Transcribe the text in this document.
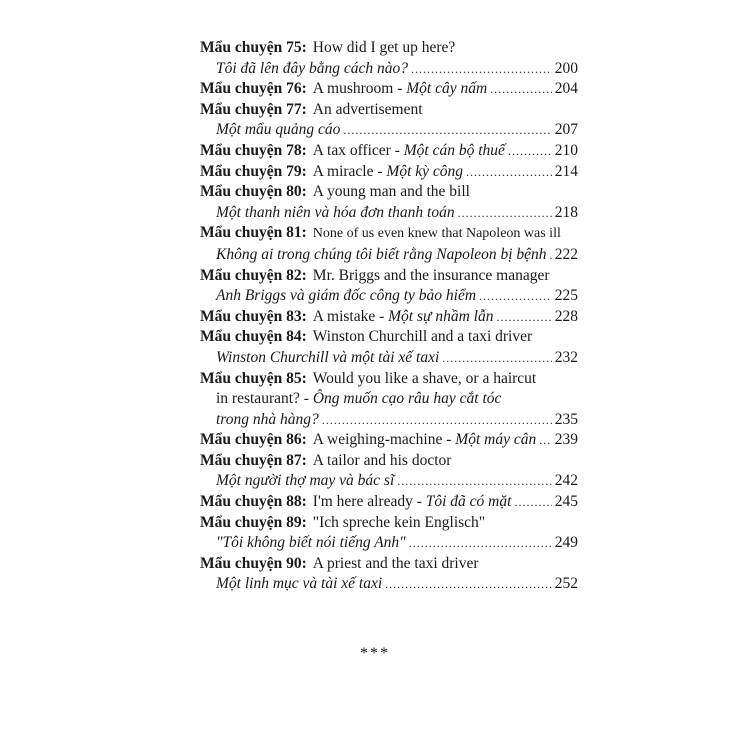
Mẩu chuyện 75: How did I get up here?
Tôi đã lên đây bằng cách nào? . . .	200
Mẩu chuyện 76: A mushroom -
Một cây nấm . . .	204
Mẩu chuyện 77: An advertisement
Một mẩu quảng cáo . . .	207
Mẩu chuyện 78: A tax officer -
Một cán bộ thuế . . .	210
Mẩu chuyện 79: A miracle -
Một kỳ công . . .	214
Mẩu chuyện 80: A young man and the bill
Một thanh niên và hóa đơn thanh toán . . .	218
Mẩu chuyện 81: None of us even knew that Napoleon was ill
Không ai trong chúng tôi biết rằng Napoleon bị bệnh . . . 222
Mẩu chuyện 82: Mr. Briggs and the insurance manager
Anh Briggs và giám đốc công ty bảo hiểm . . .	225
Mẩu chuyện 83: A mistake -
Một sự nhầm lẫn . . .	228
Mẩu chuyện 84: Winston Churchill and a taxi driver
Winston Churchill và một tài xế taxi . . .	232
Mẩu chuyện 85: Would you like a shave, or a haircut
in restaurant? -
Ông muốn cạo râu hay cắt tóc
trong nhà hàng? . . .	235
Mẩu chuyện 86: A weighing-machine -
Một máy cân . . . 239
Mẩu chuyện 87: A tailor and his doctor
Một người thợ may và bác sĩ . . .	242
Mẩu chuyện 88: I'm here already -
Tôi đã có mặt . . .	245
Mẩu chuyện 89: "Ich spreche kein Englisch"
"Tôi không biết nói tiếng Anh" . . .	249
Mẩu chuyện 90: A priest and the taxi driver
Một linh mục và tài xế taxi . . .	252
***
